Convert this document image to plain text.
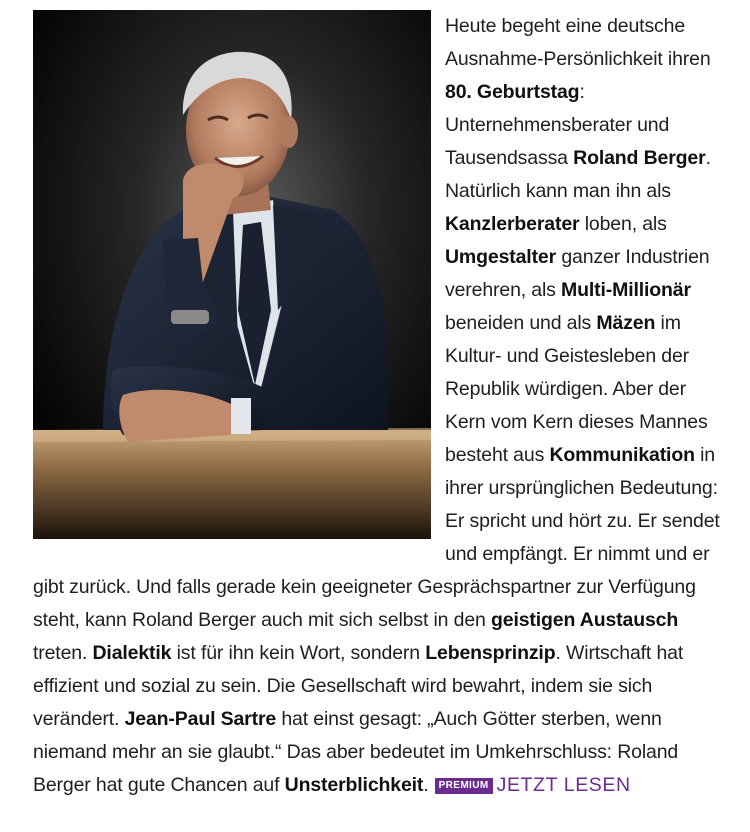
Heute begeht eine deutsche Ausnahme-Persönlichkeit ihren 80. Geburtstag: Unternehmensberater und Tausendsassa Roland Berger. Natürlich kann man ihn als Kanzlerberater loben, als Umgestalter ganzer Industrien verehren, als Multi-Millionär beneiden und als Mäzen im Kultur- und Geistesleben der Republik würdigen. Aber der Kern vom Kern dieses Mannes besteht aus Kommunikation in ihrer ursprünglichen Bedeutung: Er spricht und hört zu. Er sendet und empfängt. Er nimmt und er gibt zurück. Und falls gerade kein geeigneter Gesprächspartner zur Verfügung steht, kann Roland Berger auch mit sich selbst in den geistigen Austausch treten. Dialektik ist für ihn kein Wort, sondern Lebensprinzip. Wirtschaft hat effizient und sozial zu sein. Die Gesellschaft wird bewahrt, indem sie sich verändert. Jean-Paul Sartre hat einst gesagt: „Auch Götter sterben, wenn niemand mehr an sie glaubt.“ Das aber bedeutet im Umkehrschluss: Roland Berger hat gute Chancen auf Unsterblichkeit. PREMIUM JETZT LESEN
